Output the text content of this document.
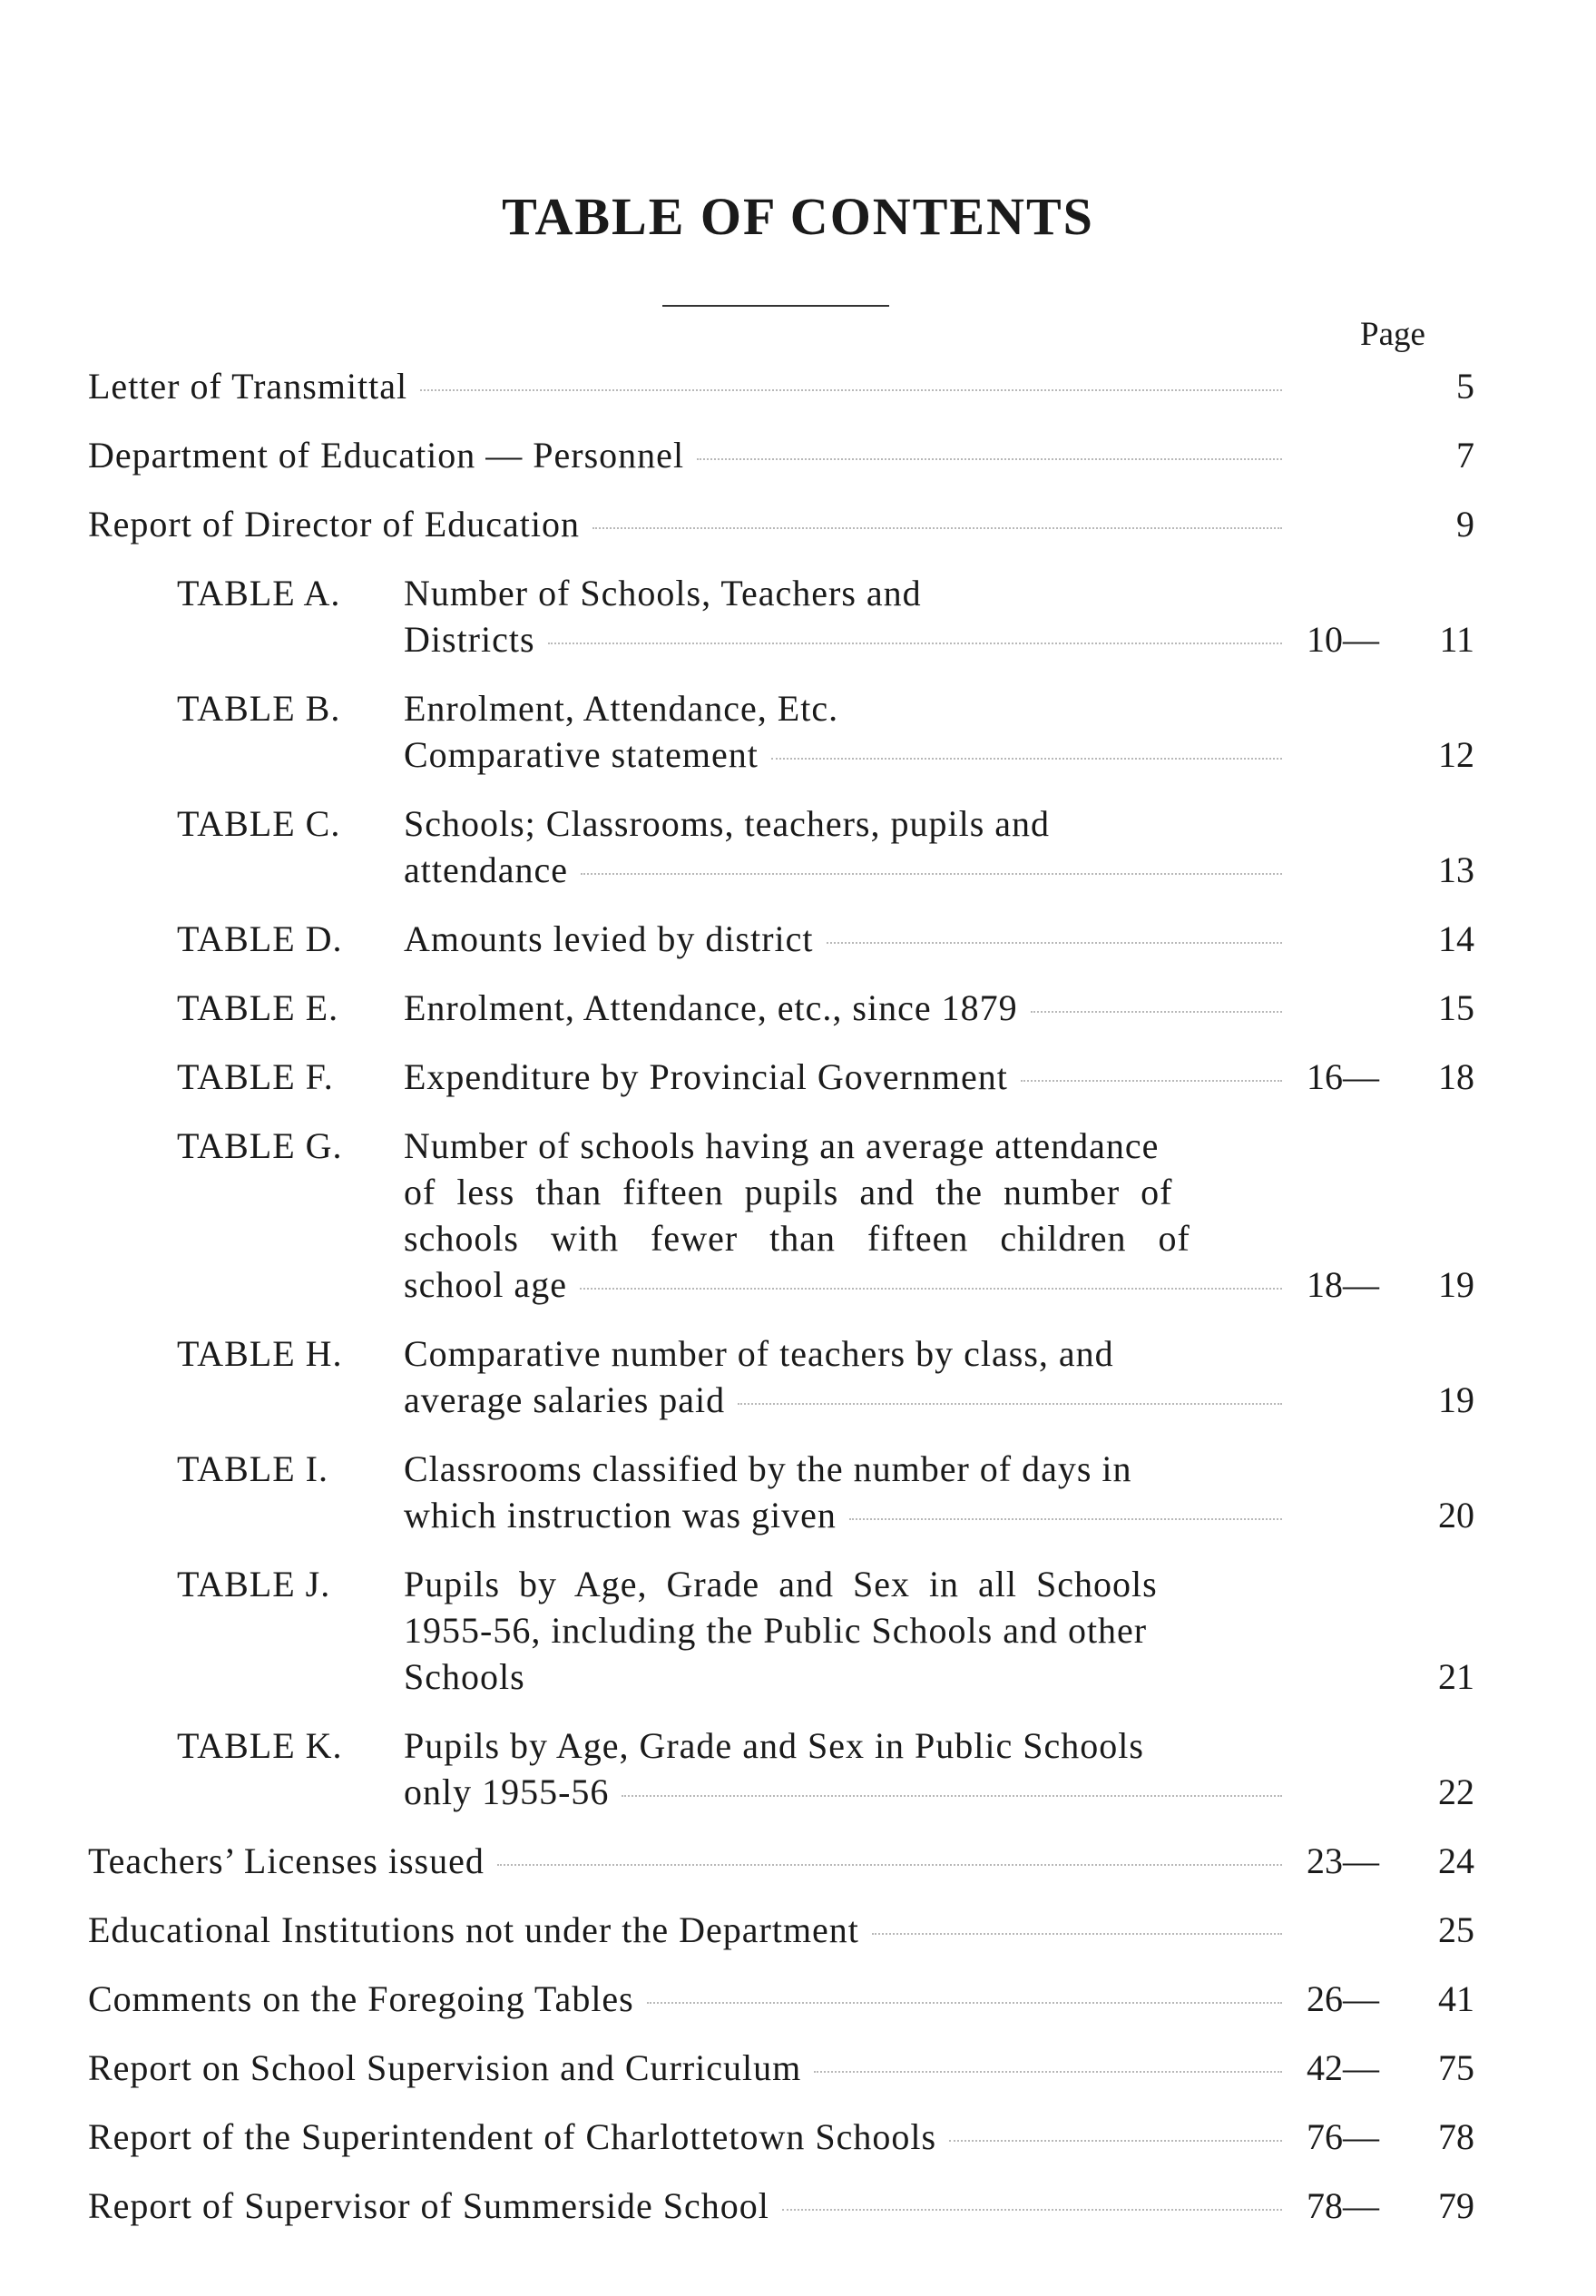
TABLE OF CONTENTS
Page
Letter of Transmittal	5
Department of Education — Personnel	7
Report of Director of Education	9
TABLE A.	Number of Schools, Teachers and
Districts	10— 11
TABLE B.	Enrolment, Attendance, Etc.
Comparative statement	12
TABLE C.	Schools; Classrooms, teachers, pupils and
attendance	13
TABLE D.	Amounts levied by district	14
TABLE E.	Enrolment, Attendance, etc., since 1879	15
TABLE F.	Expenditure by Provincial Government	16— 18
TABLE G.	Number of schools having an average attendance
of less than fifteen pupils and the number of
schools with fewer than fifteen children of
school age	18— 19
TABLE H.	Comparative number of teachers by class, and
average salaries paid	19
TABLE I.	Classrooms classified by the number of days in
which instruction was given	20
TABLE J.	Pupils by Age, Grade and Sex in all Schools
1955-56, including the Public Schools and other
Schools	21
TABLE K.	Pupils by Age, Grade and Sex in Public Schools
only 1955-56	22
Teachers’ Licenses issued	23— 24
Educational Institutions not under the Department	25
Comments on the Foregoing Tables	26— 41
Report on School Supervision and Curriculum	42— 75
Report of the Superintendent of Charlottetown Schools	76— 78
Report of Supervisor of Summerside School	78— 79
